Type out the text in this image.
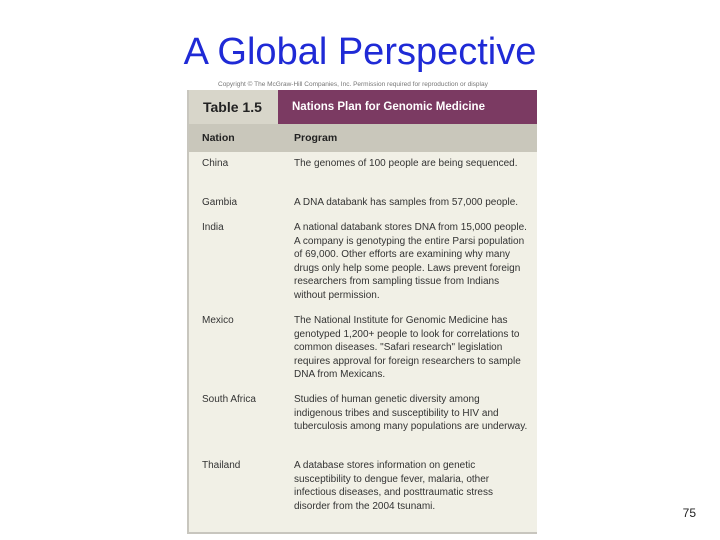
A Global Perspective
Copyright © The McGraw-Hill Companies, Inc. Permission required for reproduction or display
Table 1.5	Nations Plan for Genomic Medicine
Nation	Program
China	The genomes of 100 people are being sequenced.
Gambia	A DNA databank has samples from 57,000 people.
India	A national databank stores DNA from 15,000 people. A company is genotyping the entire Parsi population of 69,000. Other efforts are examining why many drugs only help some people. Laws prevent foreign researchers from sampling tissue from Indians without permission.
Mexico	The National Institute for Genomic Medicine has genotyped 1,200+ people to look for correlations to common diseases. "Safari research" legislation requires approval for foreign researchers to sample DNA from Mexicans.
South Africa	Studies of human genetic diversity among indigenous tribes and susceptibility to HIV and tuberculosis among many populations are underway.
Thailand	A database stores information on genetic susceptibility to dengue fever, malaria, other infectious diseases, and posttraumatic stress disorder from the 2004 tsunami.	75
